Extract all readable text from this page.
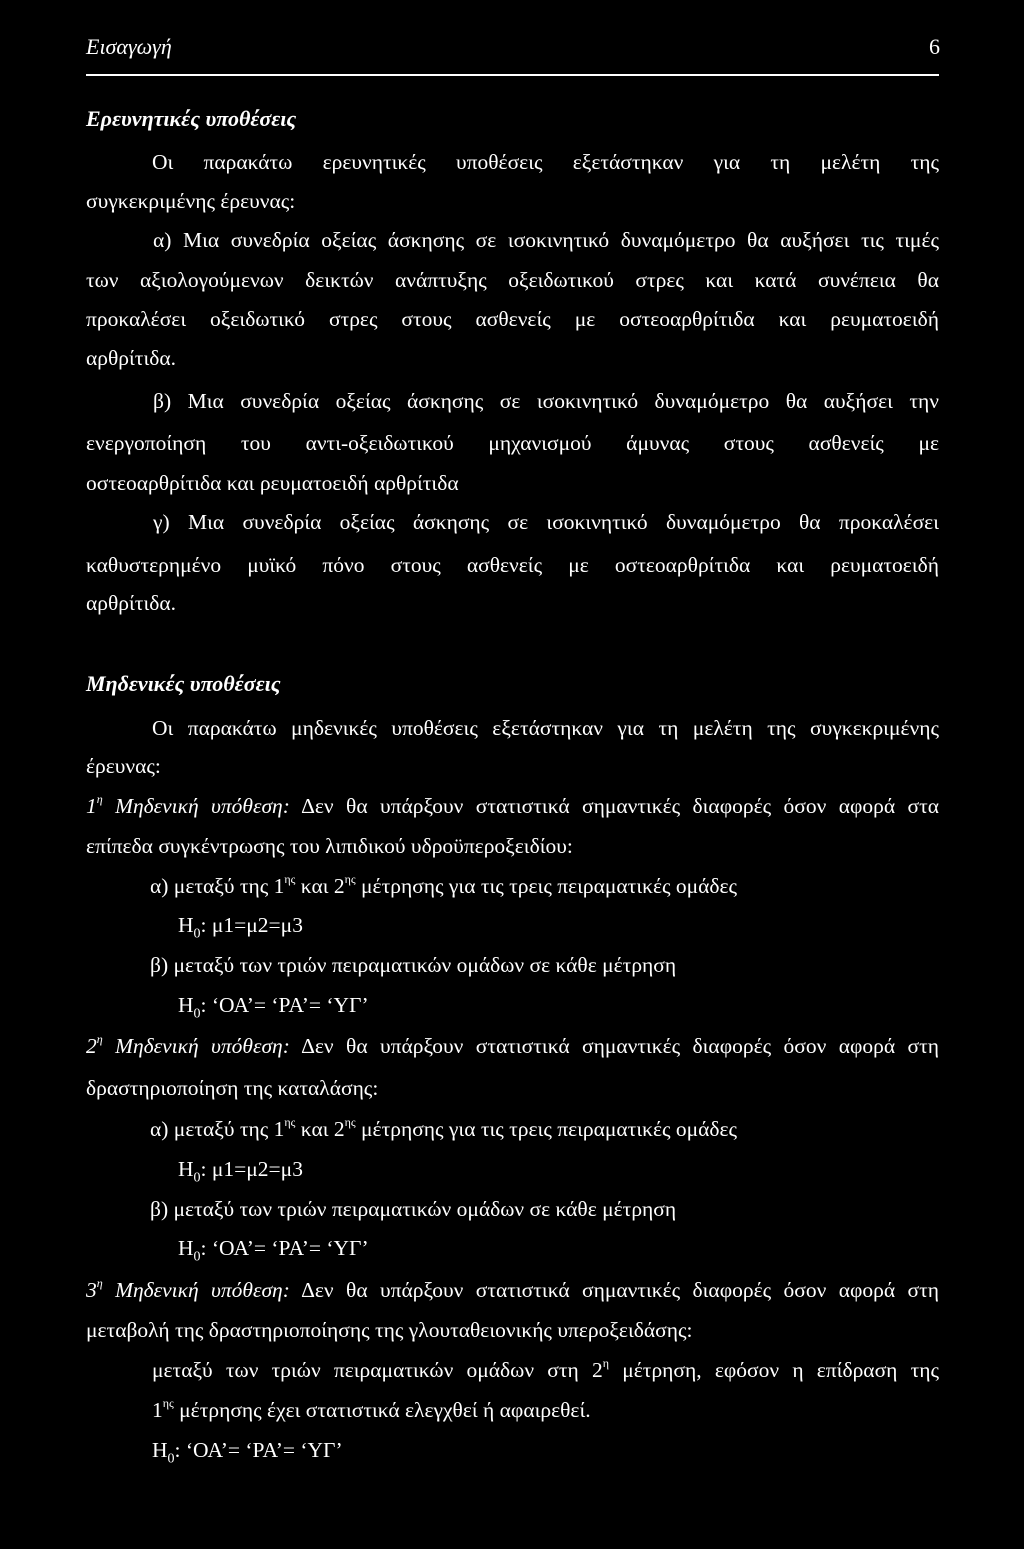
Εισαγωγή	6
Ερευνητικές υποθέσεις
Οι παρακάτω ερευνητικές υποθέσεις εξετάστηκαν για τη μελέτη της
συγκεκριμένης έρευνας:
α) Μια συνεδρία οξείας άσκησης σε ισοκινητικό δυναμόμετρο θα αυξήσει τις τιμές
των αξιολογούμενων δεικτών ανάπτυξης οξειδωτικού στρες και κατά συνέπεια θα
προκαλέσει οξειδωτικό στρες στους ασθενείς με οστεοαρθρίτιδα και ρευματοειδή
αρθρίτιδα.
β) Μια συνεδρία οξείας άσκησης σε ισοκινητικό δυναμόμετρο θα αυξήσει την
ενεργοποίηση του αντι-οξειδωτικού μηχανισμού άμυνας στους ασθενείς με
οστεοαρθρίτιδα και ρευματοειδή αρθρίτιδα
γ) Μια συνεδρία οξείας άσκησης σε ισοκινητικό δυναμόμετρο θα προκαλέσει
καθυστερημένο μυϊκό πόνο στους ασθενείς με οστεοαρθρίτιδα και ρευματοειδή
αρθρίτιδα.
Μηδενικές υποθέσεις
Οι παρακάτω μηδενικές υποθέσεις εξετάστηκαν για τη μελέτη της συγκεκριμένης
έρευνας:
$1^\eta$ Μηδενική υπόθεση: Δεν θα υπάρξουν στατιστικά σημαντικές διαφορές όσον αφορά στα
επίπεδα συγκέντρωσης του λιπιδικού υδροϋπεροξειδίου:
α) μεταξύ της $1^{\eta\varsigma}$ και $2^{\eta\varsigma}$ μέτρησης για τις τρεις πειραματικές ομάδες
$H_0$: μ1=μ2=μ3
β) μεταξύ των τριών πειραματικών ομάδων σε κάθε μέτρηση
$H_0$: ‘ΟΑ’= ‘ΡΑ’= ‘ΥΓ’
$2^\eta$ Μηδενική υπόθεση: Δεν θα υπάρξουν στατιστικά σημαντικές διαφορές όσον αφορά στη
δραστηριοποίηση της καταλάσης:
α) μεταξύ της $1^{\eta\varsigma}$ και $2^{\eta\varsigma}$ μέτρησης για τις τρεις πειραματικές ομάδες
$H_0$: μ1=μ2=μ3
β) μεταξύ των τριών πειραματικών ομάδων σε κάθε μέτρηση
$H_0$: ‘ΟΑ’= ‘ΡΑ’= ‘ΥΓ’
$3^\eta$ Μηδενική υπόθεση: Δεν θα υπάρξουν στατιστικά σημαντικές διαφορές όσον αφορά στη
μεταβολή της δραστηριοποίησης της γλουταθειονικής υπεροξειδάσης:
μεταξύ των τριών πειραματικών ομάδων στη $2^\eta$ μέτρηση, εφόσον η επίδραση της
$1^{\eta\varsigma}$ μέτρησης έχει στατιστικά ελεγχθεί ή αφαιρεθεί.
$H_0$: ‘ΟΑ’= ‘ΡΑ’= ‘ΥΓ’
